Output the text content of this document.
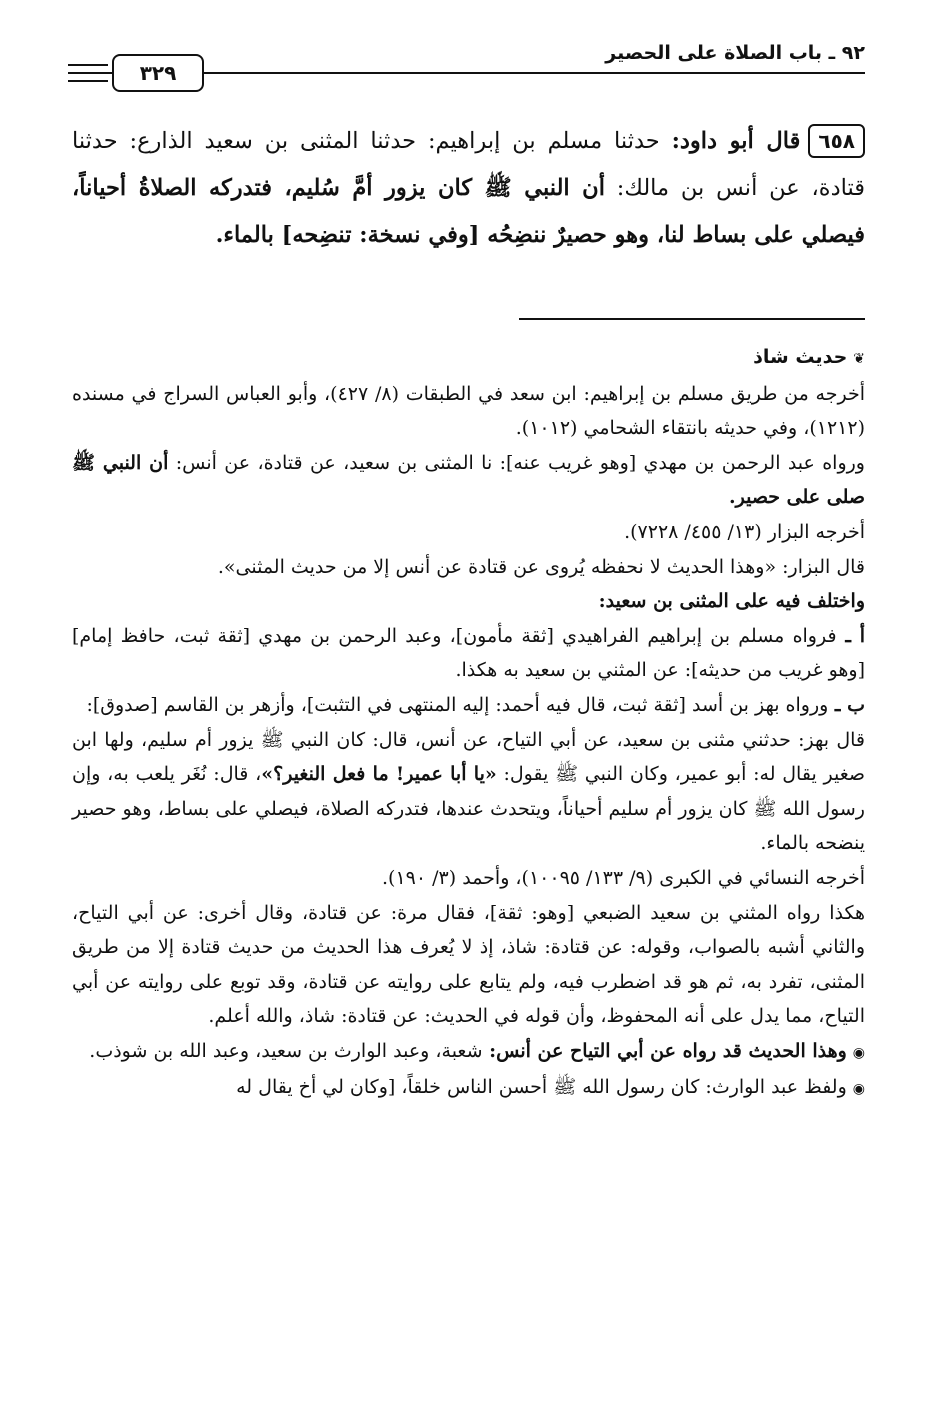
٩٢ ـ باب الصلاة على الحصير
٣٢٩
٦٥٨قال أبو داود: حدثنا مسلم بن إبراهيم: حدثنا المثنى بن سعيد الذارع: حدثنا قتادة، عن أنس بن مالك: أن النبي ﷺ كان يزور أمَّ سُليم، فتدركه الصلاةُ أحياناً، فيصلي على بساط لنا، وهو حصيرٌ ننضِحُه [وفي نسخة: تنضِحه] بالماء.

❦حديث شاذ

أخرجه من طريق مسلم بن إبراهيم: ابن سعد في الطبقات (٨/ ٤٢٧)، وأبو العباس السراج في مسنده (١٢١٢)، وفي حديثه بانتقاء الشحامي (١٠١٢).

ورواه عبد الرحمن بن مهدي [وهو غريب عنه]: نا المثنى بن سعيد، عن قتادة، عن أنس: أن النبي ﷺ صلى على حصير.

أخرجه البزار (١٣/ ٤٥٥/ ٧٢٢٨).

قال البزار: «وهذا الحديث لا نحفظه يُروى عن قتادة عن أنس إلا من حديث المثنى».

واختلف فيه على المثنى بن سعيد:

أ ـ فرواه مسلم بن إبراهيم الفراهيدي [ثقة مأمون]، وعبد الرحمن بن مهدي [ثقة ثبت، حافظ إمام] [وهو غريب من حديثه]: عن المثني بن سعيد به هكذا.

ب ـ ورواه بهز بن أسد [ثقة ثبت، قال فيه أحمد: إليه المنتهى في التثبت]، وأزهر بن القاسم [صدوق]:

قال بهز: حدثني مثنى بن سعيد، عن أبي التياح، عن أنس، قال: كان النبي ﷺ يزور أم سليم، ولها ابن صغير يقال له: أبو عمير، وكان النبي ﷺ يقول: «يا أبا عمير! ما فعل النغير؟»، قال: نُغَر يلعب به، وإن رسول الله ﷺ كان يزور أم سليم أحياناً، ويتحدث عندها، فتدركه الصلاة، فيصلي على بساط، وهو حصير ينضحه بالماء.

أخرجه النسائي في الكبرى (٩/ ١٣٣/ ١٠٠٩٥)، وأحمد (٣/ ١٩٠).

هكذا رواه المثني بن سعيد الضبعي [وهو: ثقة]، فقال مرة: عن قتادة، وقال أخرى: عن أبي التياح، والثاني أشبه بالصواب، وقوله: عن قتادة: شاذ، إذ لا يُعرف هذا الحديث من حديث قتادة إلا من طريق المثنى، تفرد به، ثم هو قد اضطرب فيه، ولم يتابع على روايته عن قتادة، وقد توبع على روايته عن أبي التياح، مما يدل على أنه المحفوظ، وأن قوله في الحديث: عن قتادة: شاذ، والله أعلم.

◉وهذا الحديث قد رواه عن أبي التياح عن أنس: شعبة، وعبد الوارث بن سعيد، وعبد الله بن شوذب.

◉ولفظ عبد الوارث: كان رسول الله ﷺ أحسن الناس خلقاً، [وكان لي أخ يقال له
